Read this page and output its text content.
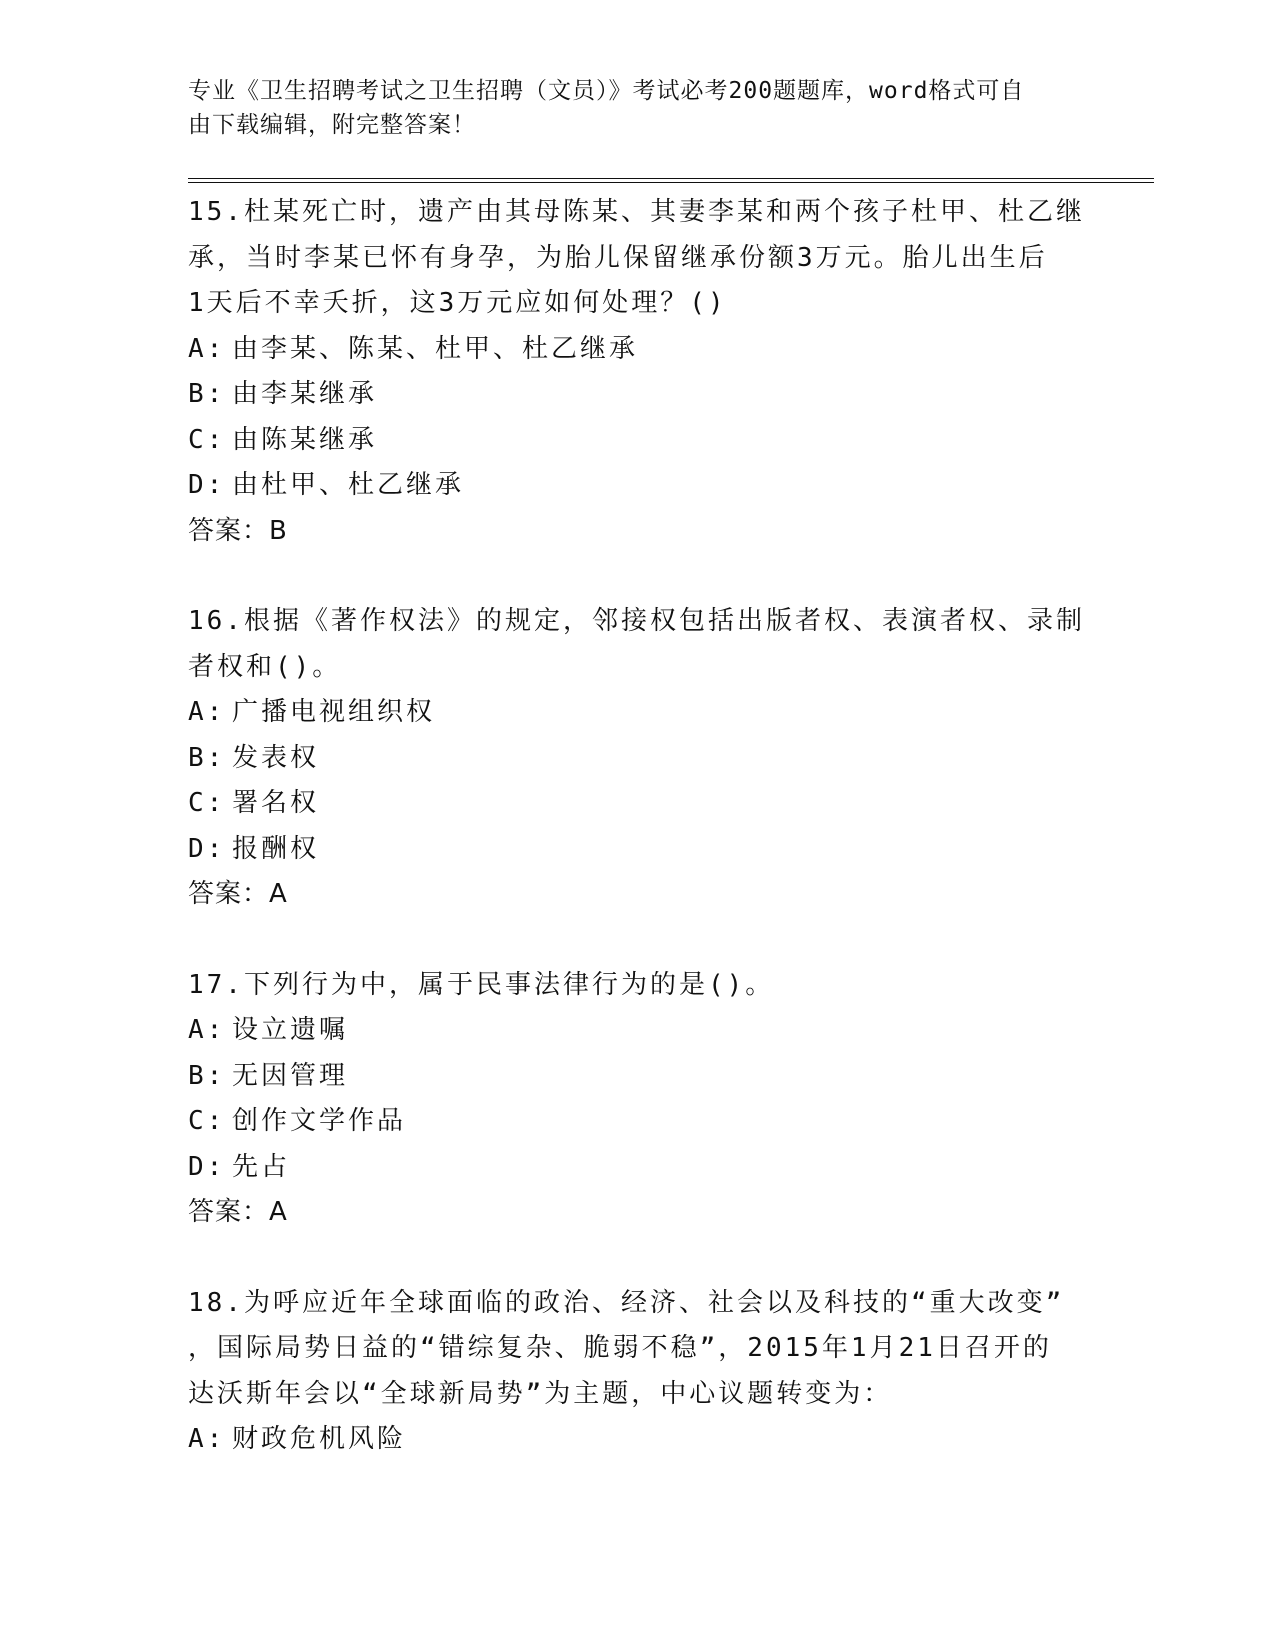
专业《卫生招聘考试之卫生招聘（文员）》考试必考200题题库，word格式可自
由下载编辑，附完整答案！
15.杜某死亡时，遗产由其母陈某、其妻李某和两个孩子杜甲、杜乙继
承，当时李某已怀有身孕，为胎儿保留继承份额3万元。胎儿出生后
1天后不幸夭折，这3万元应如何处理？()
A: 由李某、陈某、杜甲、杜乙继承
B: 由李某继承
C: 由陈某继承
D: 由杜甲、杜乙继承
答案：B
16.根据《著作权法》的规定，邻接权包括出版者权、表演者权、录制
者权和()。
A: 广播电视组织权
B: 发表权
C: 署名权
D: 报酬权
答案：A
17.下列行为中，属于民事法律行为的是()。
A: 设立遗嘱
B: 无因管理
C: 创作文学作品
D: 先占
答案：A
18.为呼应近年全球面临的政治、经济、社会以及科技的“重大改变”
，国际局势日益的“错综复杂、脆弱不稳”，2015年1月21日召开的
达沃斯年会以“全球新局势”为主题，中心议题转变为：
A: 财政危机风险
